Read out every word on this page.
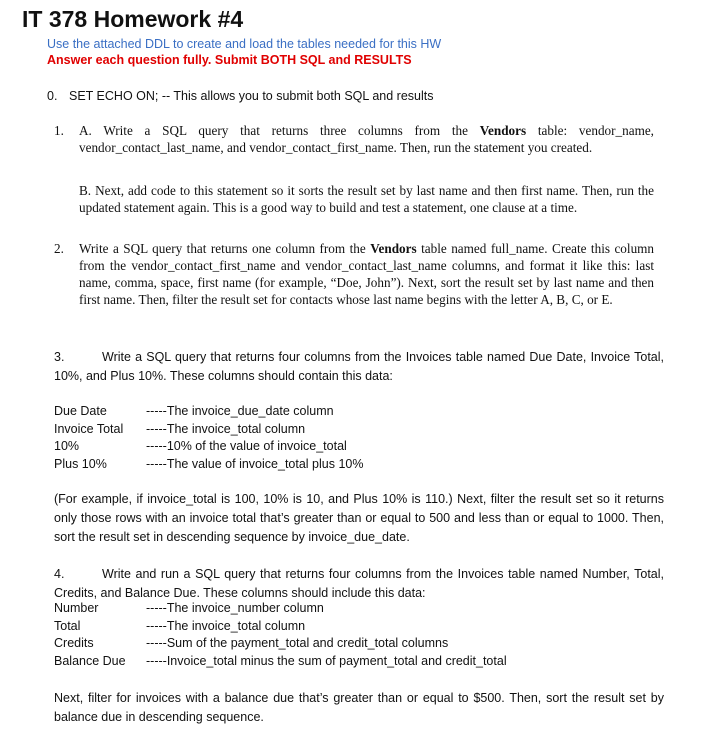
IT 378 Homework #4
Use the attached DDL to create and load the tables needed for this HW
Answer each question fully. Submit BOTH SQL and RESULTS
0. SET ECHO ON; -- This allows you to submit both SQL and results
1. A. Write a SQL query that returns three columns from the Vendors table: vendor_name, vendor_contact_last_name, and vendor_contact_first_name. Then, run the statement you created.

B. Next, add code to this statement so it sorts the result set by last name and then first name. Then, run the updated statement again. This is a good way to build and test a statement, one clause at a time.

2. Write a SQL query that returns one column from the Vendors table named full_name. Create this column from the vendor_contact_first_name and vendor_contact_last_name columns, and format it like this: last name, comma, space, first name (for example, “Doe, John”). Next, sort the result set by last name and then first name. Then, filter the result set for contacts whose last name begins with the letter A, B, C, or E.

3.	Write a SQL query that returns four columns from the Invoices table named Due Date, Invoice Total, 10%, and Plus 10%. These columns should contain this data:
Due Date	-----The invoice_due_date column
Invoice Total -----The invoice_total column
10%	-----10% of the value of invoice_total
Plus 10%	-----The value of invoice_total plus 10%
(For example, if invoice_total is 100, 10% is 10, and Plus 10% is 110.) Next, filter the result set so it returns only those rows with an invoice total that’s greater than or equal to 500 and less than or equal to 1000. Then, sort the result set in descending sequence by invoice_due_date.
4.	Write and run a SQL query that returns four columns from the Invoices table named Number, Total, Credits, and Balance Due. These columns should include this data:
Number	-----The invoice_number column
Total	-----The invoice_total column
Credits	-----Sum of the payment_total and credit_total columns
Balance Due -----Invoice_total minus the sum of payment_total and credit_total
Next, filter for invoices with a balance due that’s greater than or equal to $500. Then, sort the result set by balance due in descending sequence.
